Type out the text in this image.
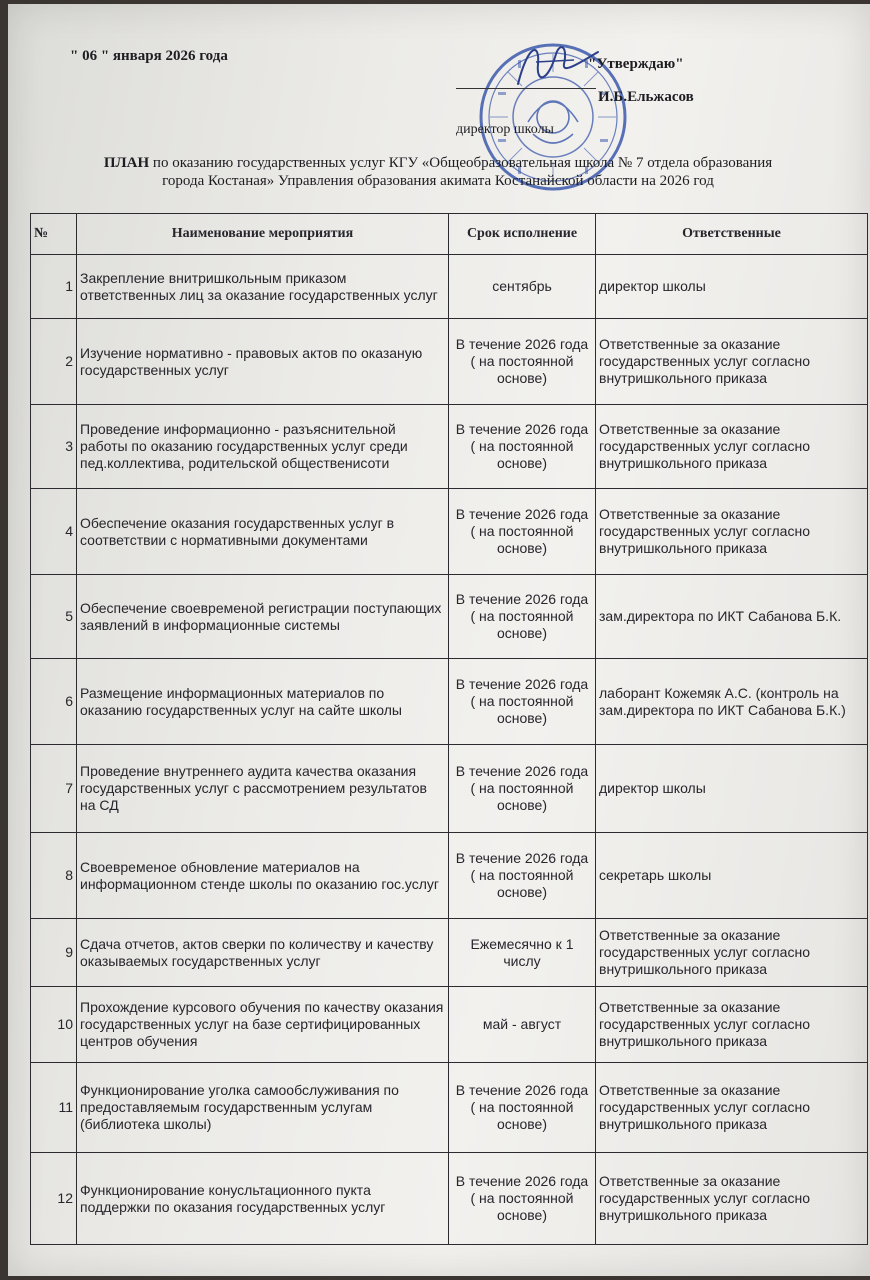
" 06 " января 2026 года	"Утверждаю"
И.Б.Ельжасов
директор школы
ПЛАН по оказанию государственных услуг КГУ «Общеобразовательная школа № 7 отдела образования
города Костаная» Управления образования акимата Костанайской области на 2026 год
№	Наименование мероприятия	Срок исполнение	Ответственные
1	Закрепление внитришкольным приказом ответственных лиц за оказание государственных услуг	сентябрь	директор школы
2	Изучение нормативно - правовых актов по оказаную государственных услуг	В течение 2026 года ( на постоянной основе)	Ответственные за оказание государственных услуг согласно внутришкольного приказа
3	Проведение информационно - разъяснительной работы по оказанию государственных услуг среди пед.коллектива, родительской общественисоти	В течение 2026 года ( на постоянной основе)	Ответственные за оказание государственных услуг согласно внутришкольного приказа
4	Обеспечение оказания государственных услуг в соответствии с нормативными документами	В течение 2026 года ( на постоянной основе)	Ответственные за оказание государственных услуг согласно внутришкольного приказа
5	Обеспечение своевременой регистрации поступающих заявлений в информационные системы	В течение 2026 года ( на постоянной основе)	зам.директора по ИКТ Сабанова Б.К.
6	Размещение информационных материалов по оказанию государственных услуг на сайте школы	В течение 2026 года ( на постоянной основе)	лаборант Кожемяк А.С. (контроль на зам.директора по ИКТ Сабанова Б.К.)
7	Проведение внутреннего аудита качества оказания государственных услуг с рассмотрением результатов на СД	В течение 2026 года ( на постоянной основе)	директор школы
8	Своевременое обновление материалов на информационном стенде школы по оказанию гос.услуг	В течение 2026 года ( на постоянной основе)	секретарь школы
9	Сдача отчетов, актов сверки по количеству и качеству оказываемых государственных услуг	Ежемесячно к 1 числу	Ответственные за оказание государственных услуг согласно внутришкольного приказа
10	Прохождение курсового обучения по качеству оказания государственных услуг на базе сертифицированных центров обучения	май - август	Ответственные за оказание государственных услуг согласно внутришкольного приказа
11	Функционирование уголка самообслуживания по предоставляемым государственным услугам (библиотека школы)	В течение 2026 года ( на постоянной основе)	Ответственные за оказание государственных услуг согласно внутришкольного приказа
12	Функционирование конусльтационного пукта поддержки по оказания государственных услуг	В течение 2026 года ( на постоянной основе)	Ответственные за оказание государственных услуг согласно внутришкольного приказа
